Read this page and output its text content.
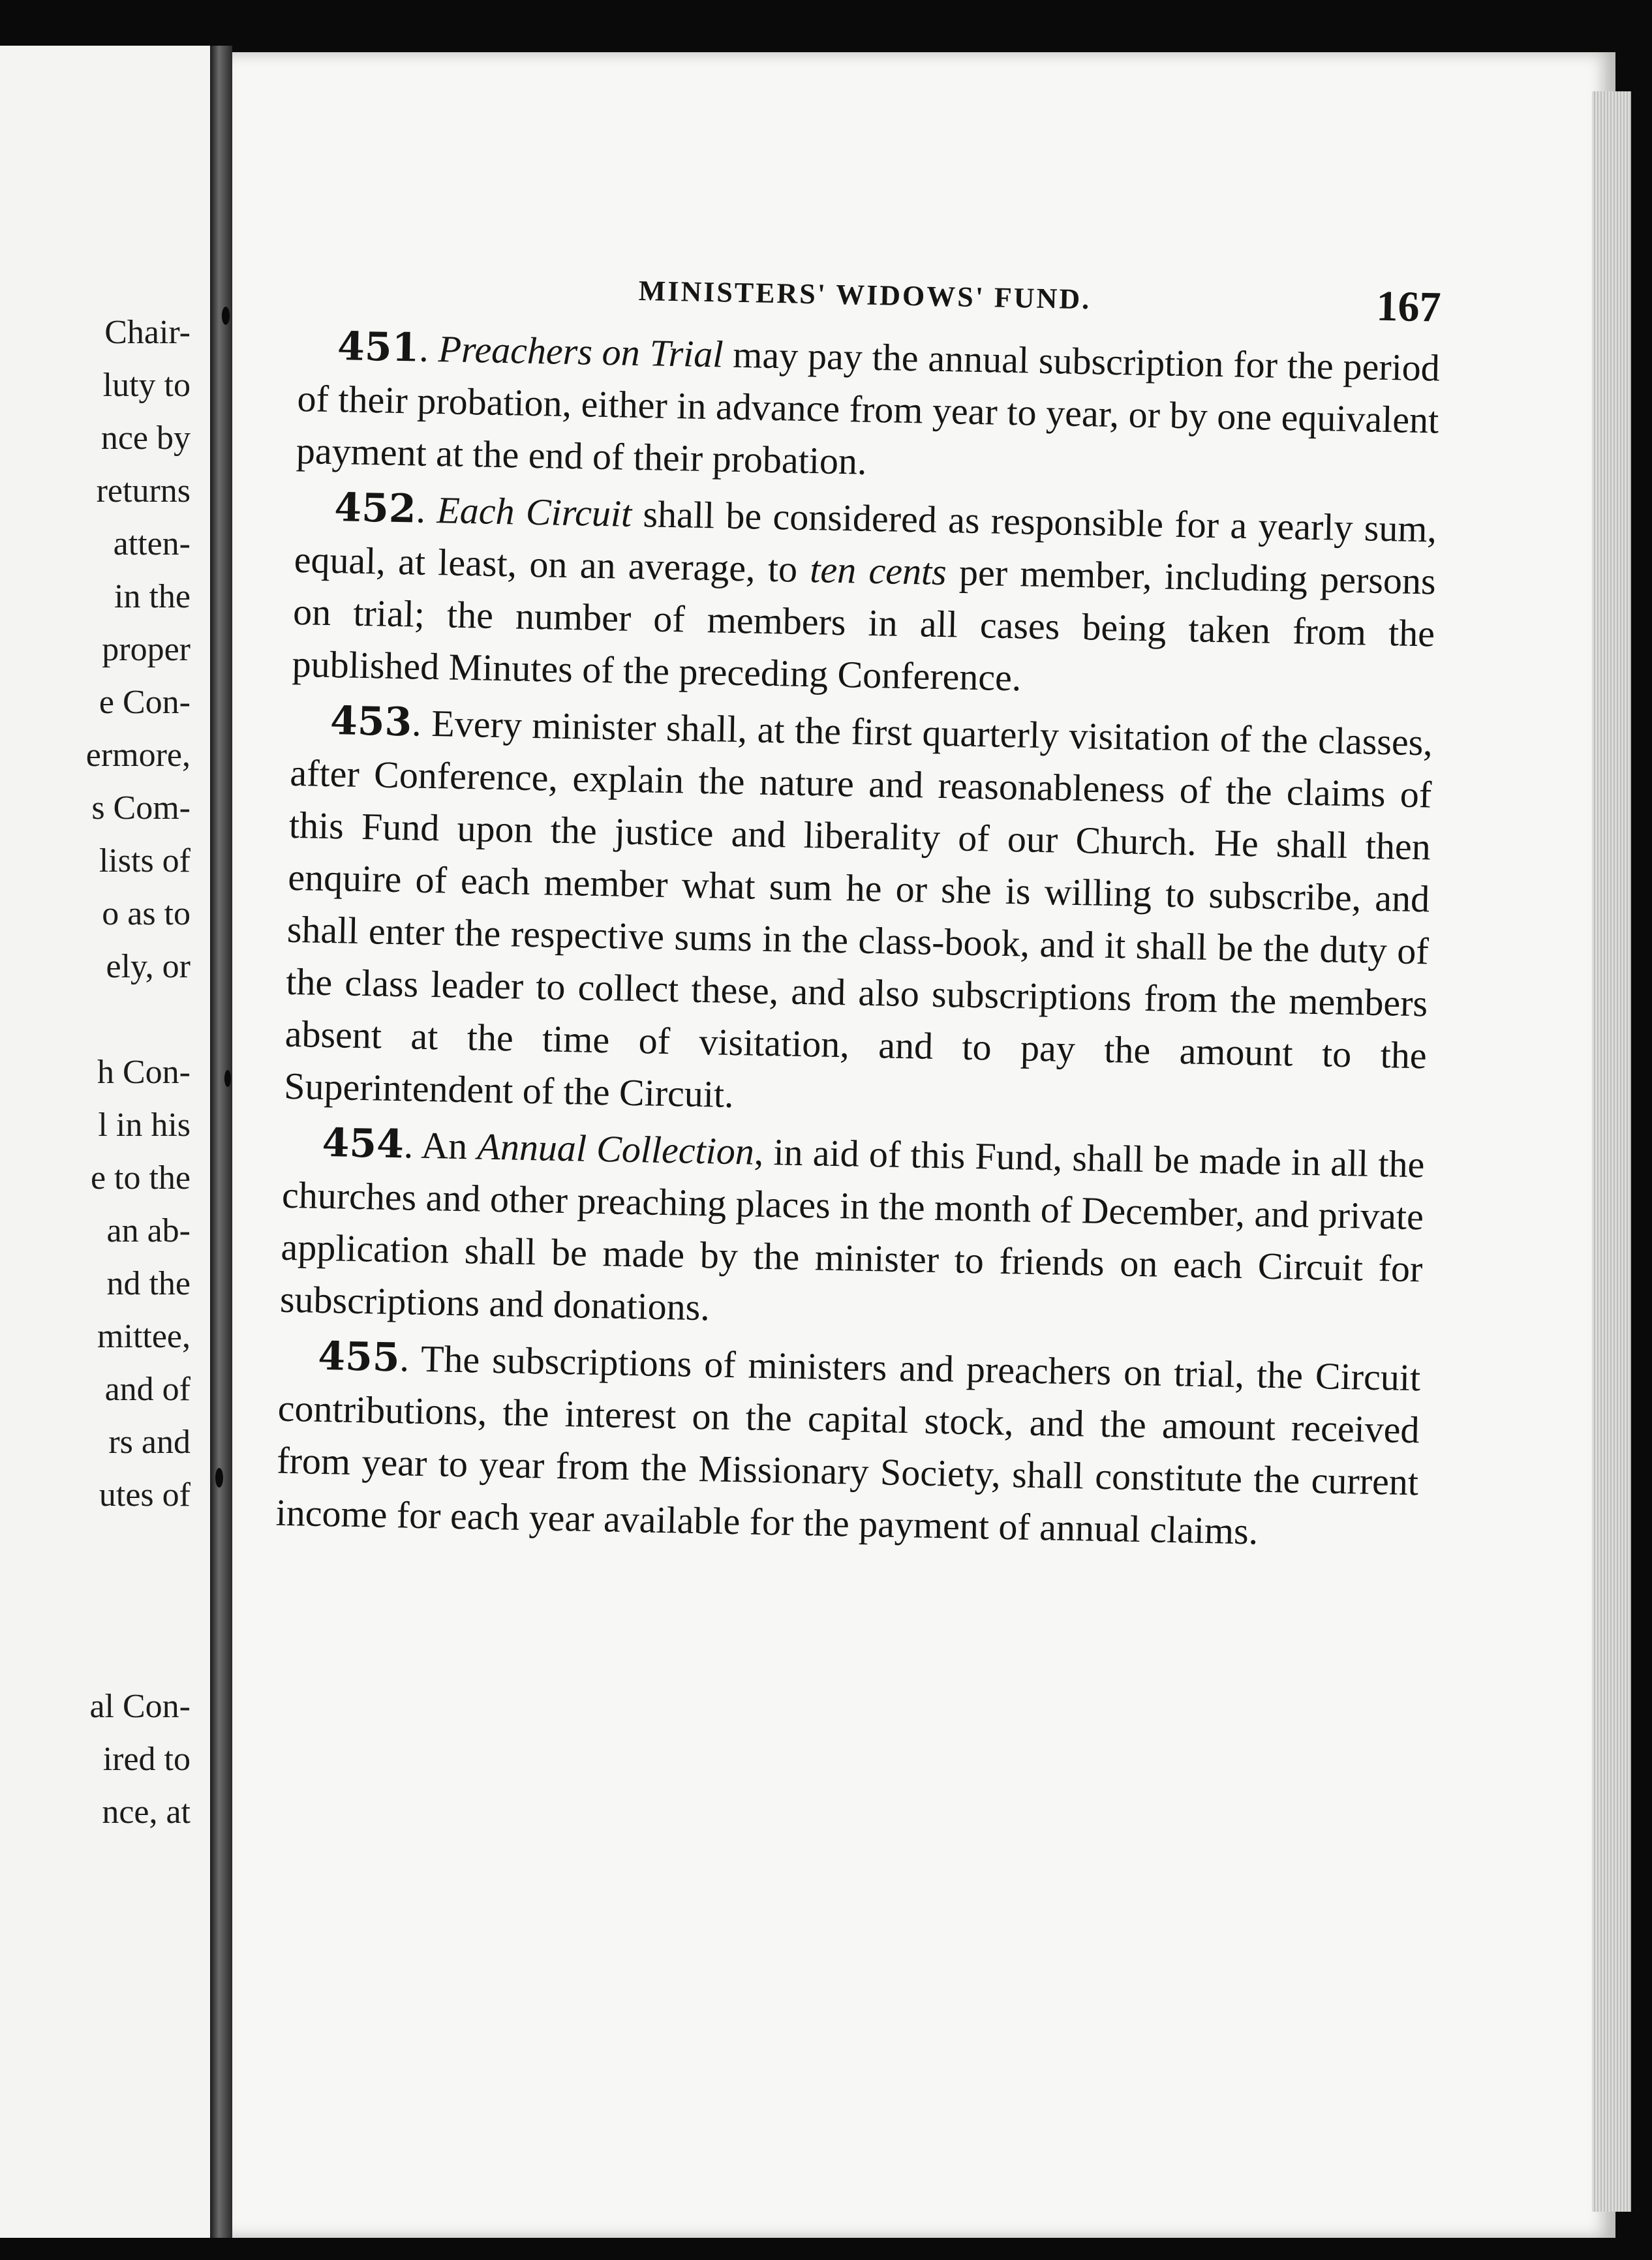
Chair-
luty to
nce by
returns
atten-
in the
proper
e Con-
ermore,
s Com-
lists of
o as to
ely, or
h Con-
l in his
e to the
an ab-
nd the
mittee,
and of
rs and
utes of
al Con-
ired to
nce, at
MINISTERS' WIDOWS' FUND.	167

451. Preachers on Trial may pay the annual subscription for the period of their probation, either in advance from year to year, or by one equivalent payment at the end of their probation.

452. Each Circuit shall be considered as responsible for a yearly sum, equal, at least, on an average, to ten cents per member, including persons on trial; the number of members in all cases being taken from the published Minutes of the preceding Conference.

453. Every minister shall, at the first quarterly visitation of the classes, after Conference, explain the nature and reasonableness of the claims of this Fund upon the justice and liberality of our Church. He shall then enquire of each member what sum he or she is willing to subscribe, and shall enter the respective sums in the class-book, and it shall be the duty of the class leader to collect these, and also subscriptions from the members absent at the time of visitation, and to pay the amount to the Superintendent of the Circuit.

454. An Annual Collection, in aid of this Fund, shall be made in all the churches and other preaching places in the month of December, and private application shall be made by the minister to friends on each Circuit for subscriptions and donations.

455. The subscriptions of ministers and preachers on trial, the Circuit contributions, the interest on the capital stock, and the amount received from year to year from the Missionary Society, shall constitute the current income for each year available for the payment of annual claims.
